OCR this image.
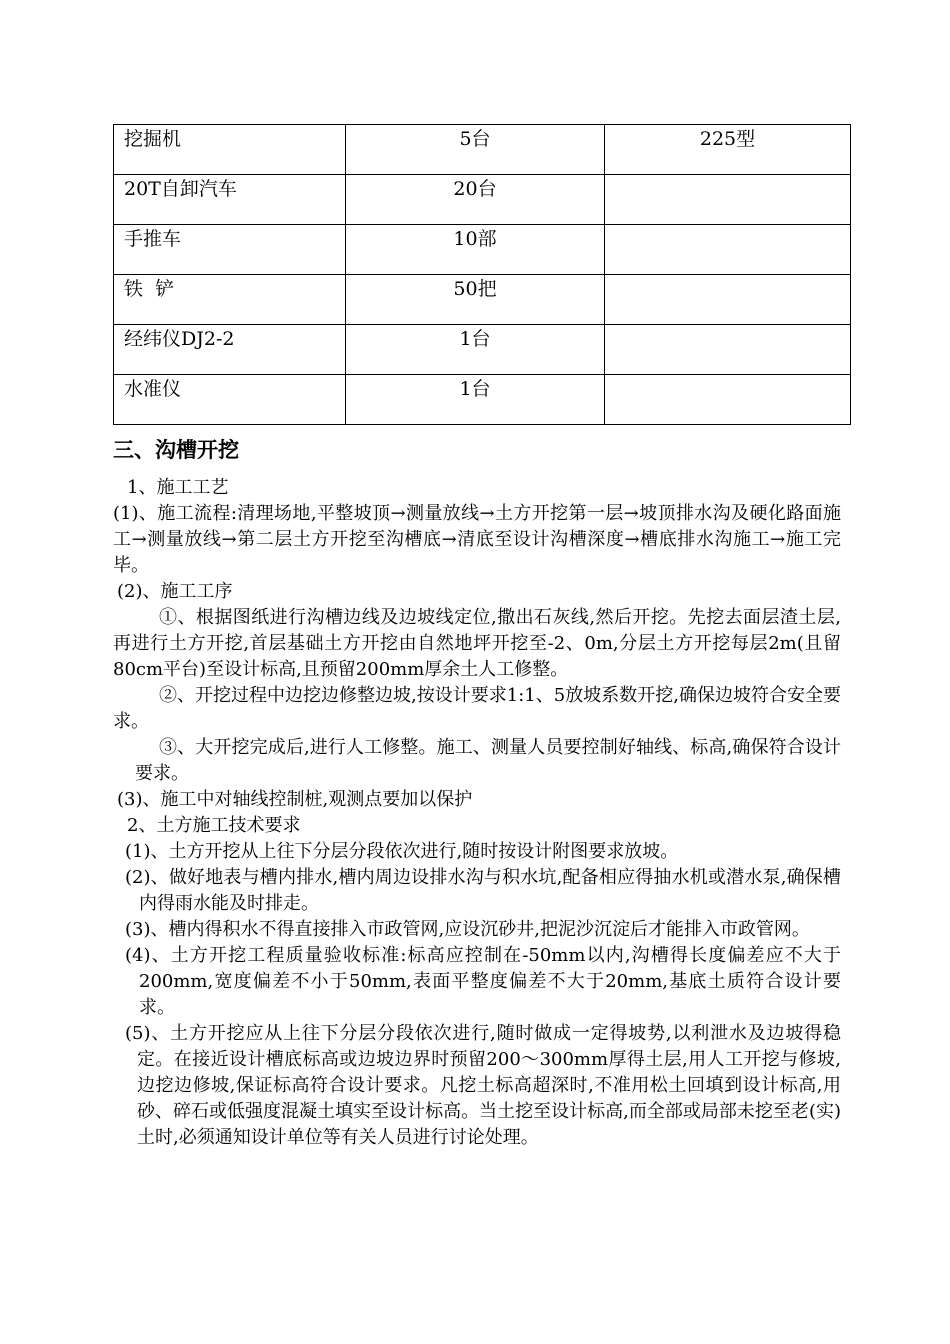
挖掘机	5台	225型

20T自卸汽车	20台	

手推车	10部	

铁  铲	50把	

经纬仪DJ2-2	1台	

水准仪	1台	

三、沟槽开挖

1、施工工艺

(1)、施工流程:清理场地,平整坡顶→测量放线→土方开挖第一层→坡顶排水沟及硬化路面施工→测量放线→第二层土方开挖至沟槽底→清底至设计沟槽深度→槽底排水沟施工→施工完毕。

(2)、施工工序

①、根据图纸进行沟槽边线及边坡线定位,撒出石灰线,然后开挖。先挖去面层渣土层,再进行土方开挖,首层基础土方开挖由自然地坪开挖至-2、0m,分层土方开挖每层2m(且留80cm平台)至设计标高,且预留200mm厚余土人工修整。

②、开挖过程中边挖边修整边坡,按设计要求1:1、5放坡系数开挖,确保边坡符合安全要求。

③、大开挖完成后,进行人工修整。施工、测量人员要控制好轴线、标高,确保符合设计要求。

(3)、施工中对轴线控制桩,观测点要加以保护

2、土方施工技术要求

(1)、土方开挖从上往下分层分段依次进行,随时按设计附图要求放坡。

(2)、做好地表与槽内排水,槽内周边设排水沟与积水坑,配备相应得抽水机或潜水泵,确保槽内得雨水能及时排走。

(3)、槽内得积水不得直接排入市政管网,应设沉砂井,把泥沙沉淀后才能排入市政管网。

(4)、土方开挖工程质量验收标准:标高应控制在-50mm以内,沟槽得长度偏差应不大于200mm,宽度偏差不小于50mm,表面平整度偏差不大于20mm,基底土质符合设计要求。

(5)、土方开挖应从上往下分层分段依次进行,随时做成一定得坡势,以利泄水及边坡得稳定。在接近设计槽底标高或边坡边界时预留200～300mm厚得土层,用人工开挖与修坡,边挖边修坡,保证标高符合设计要求。凡挖土标高超深时,不准用松土回填到设计标高,用砂、碎石或低强度混凝土填实至设计标高。当土挖至设计标高,而全部或局部未挖至老(实)土时,必须通知设计单位等有关人员进行讨论处理。
